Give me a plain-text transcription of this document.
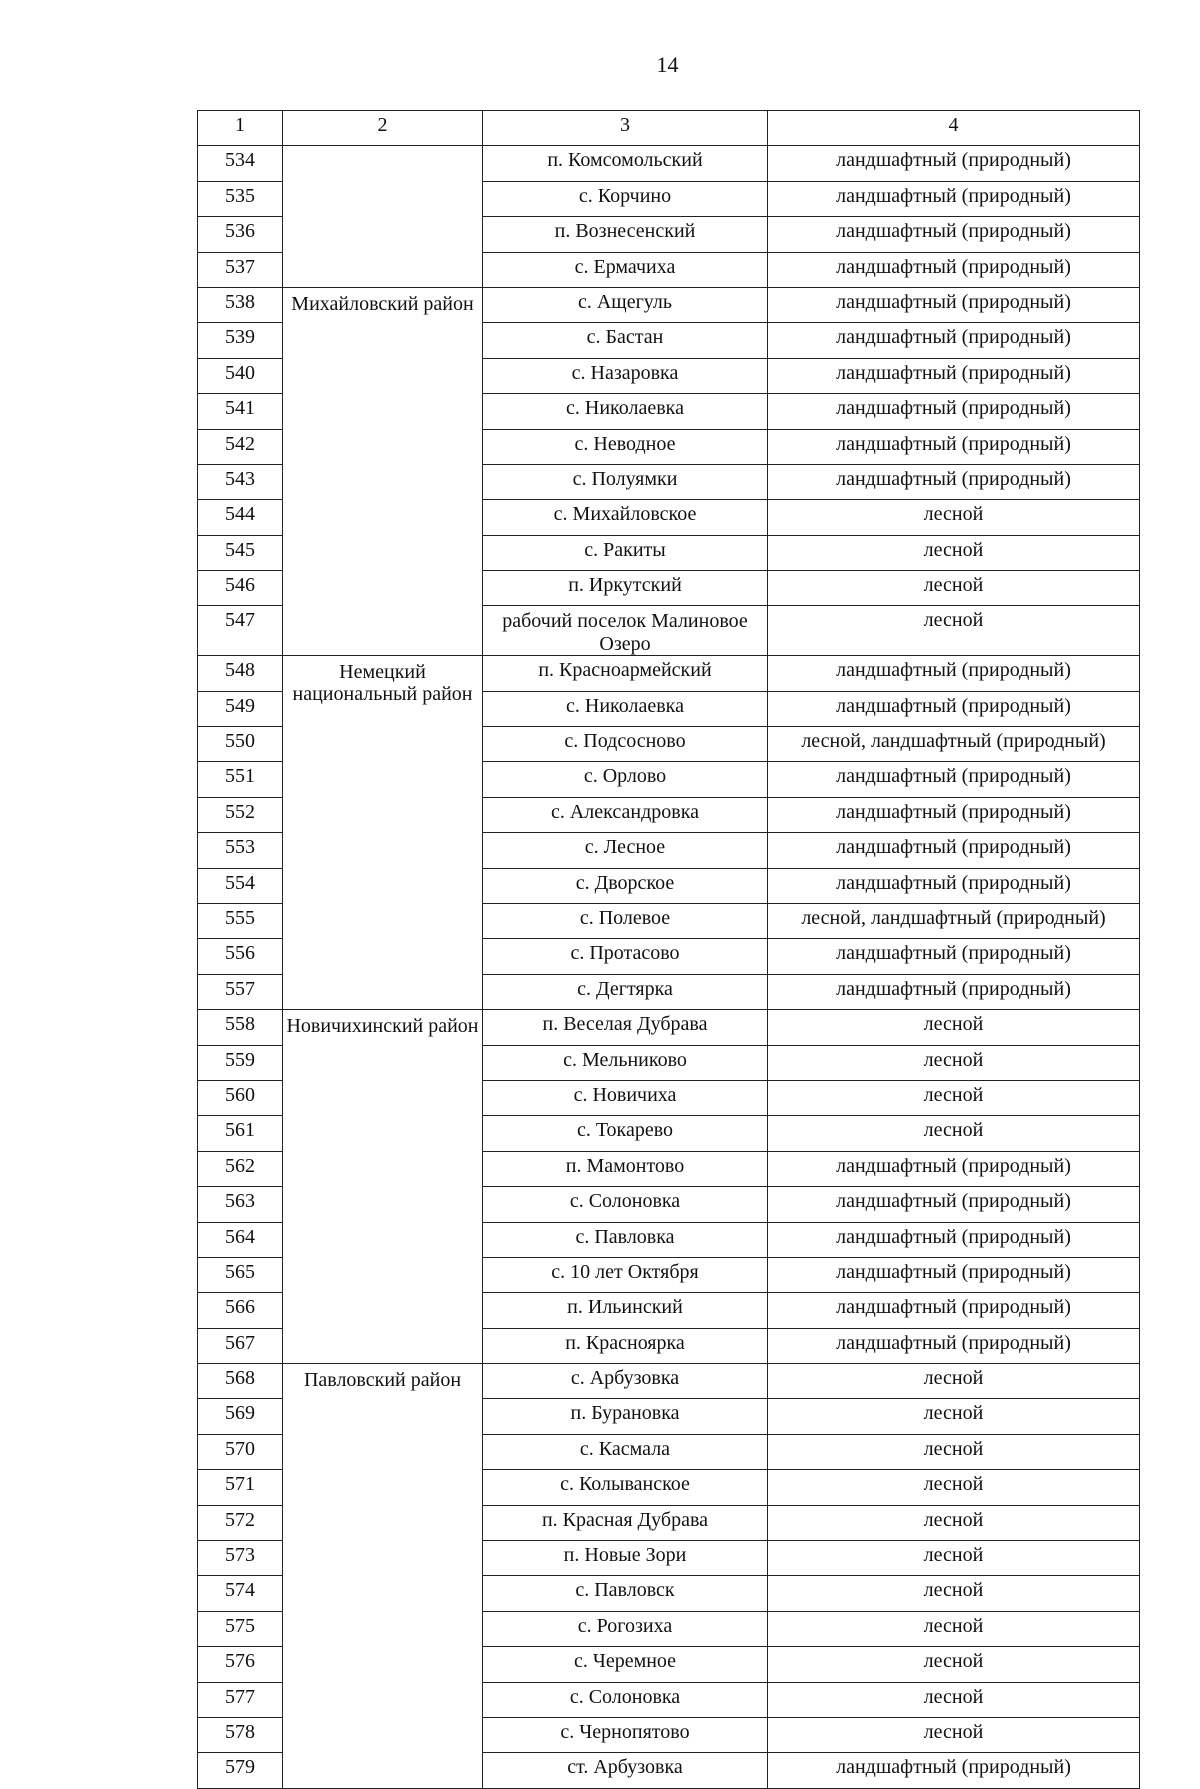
14
1	2	3	4
534		п. Комсомольский	ландшафтный (природный)
535		с. Корчино	ландшафтный (природный)
536		п. Вознесенский	ландшафтный (природный)
537		с. Ермачиха	ландшафтный (природный)
538	Михайловский район	с. Ащегуль	ландшафтный (природный)
539		с. Бастан	ландшафтный (природный)
540		с. Назаровка	ландшафтный (природный)
541		с. Николаевка	ландшафтный (природный)
542		с. Неводное	ландшафтный (природный)
543		с. Полуямки	ландшафтный (природный)
544		с. Михайловское	лесной
545		с. Ракиты	лесной
546		п. Иркутский	лесной
547		рабочий поселок Малиновое Озеро	лесной
548	Немецкий национальный район	п. Красноармейский	ландшафтный (природный)
549		с. Николаевка	ландшафтный (природный)
550		с. Подсосново	лесной, ландшафтный (природный)
551		с. Орлово	ландшафтный (природный)
552		с. Александровка	ландшафтный (природный)
553		с. Лесное	ландшафтный (природный)
554		с. Дворское	ландшафтный (природный)
555		с. Полевое	лесной, ландшафтный (природный)
556		с. Протасово	ландшафтный (природный)
557		с. Дегтярка	ландшафтный (природный)
558	Новичихинский район	п. Веселая Дубрава	лесной
559		с. Мельниково	лесной
560		с. Новичиха	лесной
561		с. Токарево	лесной
562		п. Мамонтово	ландшафтный (природный)
563		с. Солоновка	ландшафтный (природный)
564		с. Павловка	ландшафтный (природный)
565		с. 10 лет Октября	ландшафтный (природный)
566		п. Ильинский	ландшафтный (природный)
567		п. Красноярка	ландшафтный (природный)
568	Павловский район	с. Арбузовка	лесной
569		п. Бурановка	лесной
570		с. Касмала	лесной
571		с. Колыванское	лесной
572		п. Красная Дубрава	лесной
573		п. Новые Зори	лесной
574		с. Павловск	лесной
575		с. Рогозиха	лесной
576		с. Черемное	лесной
577		с. Солоновка	лесной
578		с. Чернопятово	лесной
579		ст. Арбузовка	ландшафтный (природный)
